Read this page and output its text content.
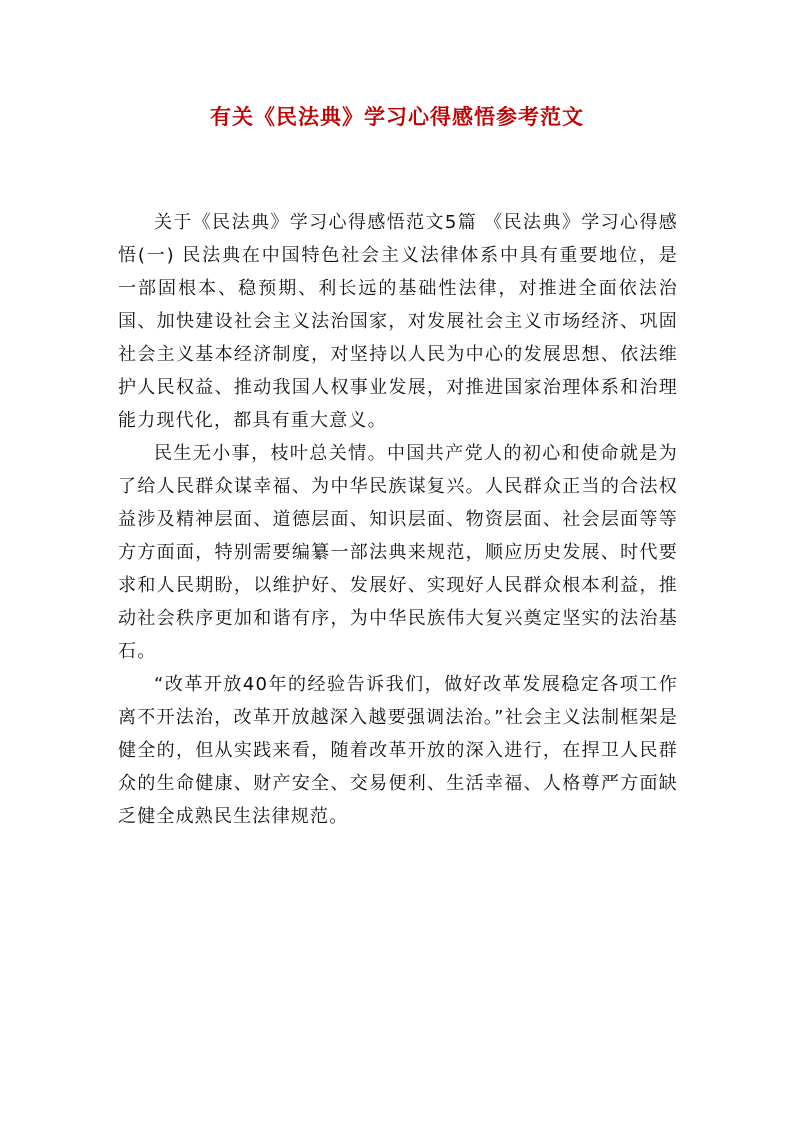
有关《民法典》学习心得感悟参考范文

关于《民法典》学习心得感悟范文5篇 《民法典》学习心得感悟(一) 民法典在中国特色社会主义法律体系中具有重要地位，是一部固根本、稳预期、利长远的基础性法律，对推进全面依法治国、加快建设社会主义法治国家，对发展社会主义市场经济、巩固社会主义基本经济制度，对坚持以人民为中心的发展思想、依法维护人民权益、推动我国人权事业发展，对推进国家治理体系和治理能力现代化，都具有重大意义。

民生无小事，枝叶总关情。中国共产党人的初心和使命就是为了给人民群众谋幸福、为中华民族谋复兴。人民群众正当的合法权益涉及精神层面、道德层面、知识层面、物资层面、社会层面等等方方面面，特别需要编纂一部法典来规范，顺应历史发展、时代要求和人民期盼，以维护好、发展好、实现好人民群众根本利益，推动社会秩序更加和谐有序，为中华民族伟大复兴奠定坚实的法治基石。

“改革开放40年的经验告诉我们，做好改革发展稳定各项工作离不开法治，改革开放越深入越要强调法治。”社会主义法制框架是健全的，但从实践来看，随着改革开放的深入进行，在捍卫人民群众的生命健康、财产安全、交易便利、生活幸福、人格尊严方面缺乏健全成熟民生法律规范。
